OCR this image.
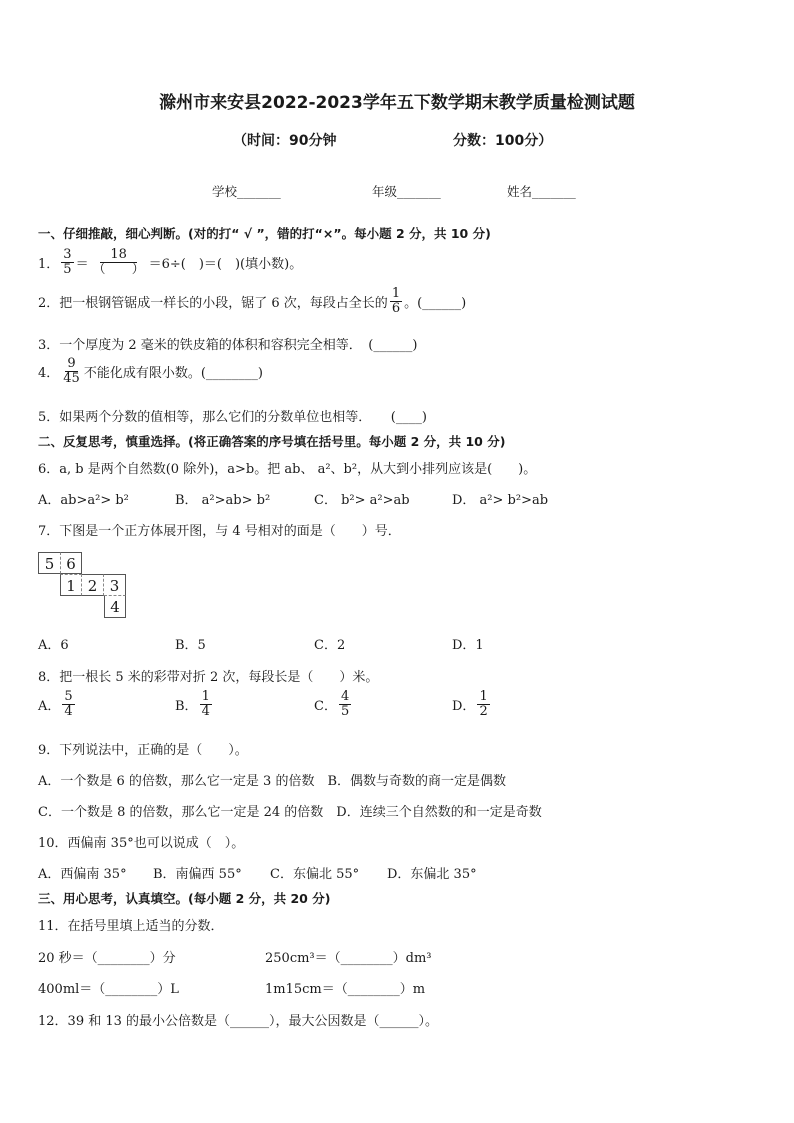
滁州市来安县2022-2023学年五下数学期末教学质量检测试题
（时间：90分钟	分数：100分）
学校_______	年级_______	姓名_______
一、仔细推敲，细心判断。(对的打“ √ ”，错的打“×”。每小题 2 分，共 10 分)
1． $\frac{3}{5} = \frac{18}{( )} =6\div$(　)＝(　)(填小数)。
2．把一根钢管锯成一样长的小段，锯了 6 次，每段占全长的 $\frac{1}{6}$ 。(______)
3．一个厚度为 2 毫米的铁皮箱的体积和容积完全相等．　(______)
4． $\frac{9}{45}$ 不能化成有限小数。(________)
5．如果两个分数的值相等，那么它们的分数单位也相等．　　(____)
二、反复思考，慎重选择。(将正确答案的序号填在括号里。每小题 2 分，共 10 分)
6．a, b 是两个自然数(0 除外)，a>b。把 ab、 a²、b²，从大到小排列应该是(　　)。
A．ab>a²> b²	B． a²>ab> b²	C． b²> a²>ab	D． a²> b²>ab
7．下图是一个正方体展开图，与 4 号相对的面是（　　）号．
5 6
1 2 3
4
A．6	B．5	C．2	D．1
8．把一根长 5 米的彩带对折 2 次，每段长是（　　）米。
A． $\frac{5}{4}$	B． $\frac{1}{4}$	C． $\frac{4}{5}$	D． $\frac{1}{2}$
9．下列说法中，正确的是（　　）。
A．一个数是 6 的倍数，那么它一定是 3 的倍数　B．偶数与奇数的商一定是偶数
C．一个数是 8 的倍数，那么它一定是 24 的倍数　D．连续三个自然数的和一定是奇数
10．西偏南 35°也可以说成（　）。
A．西偏南 35° B．南偏西 55° C．东偏北 55° D．东偏北 35°
三、用心思考，认真填空。(每小题 2 分，共 20 分)
11．在括号里填上适当的分数．
20 秒＝（________）分	250cm³＝（________）dm³
400ml＝（________）L	1m15cm＝（________）m
12．39 和 13 的最小公倍数是（______），最大公因数是（______）。
